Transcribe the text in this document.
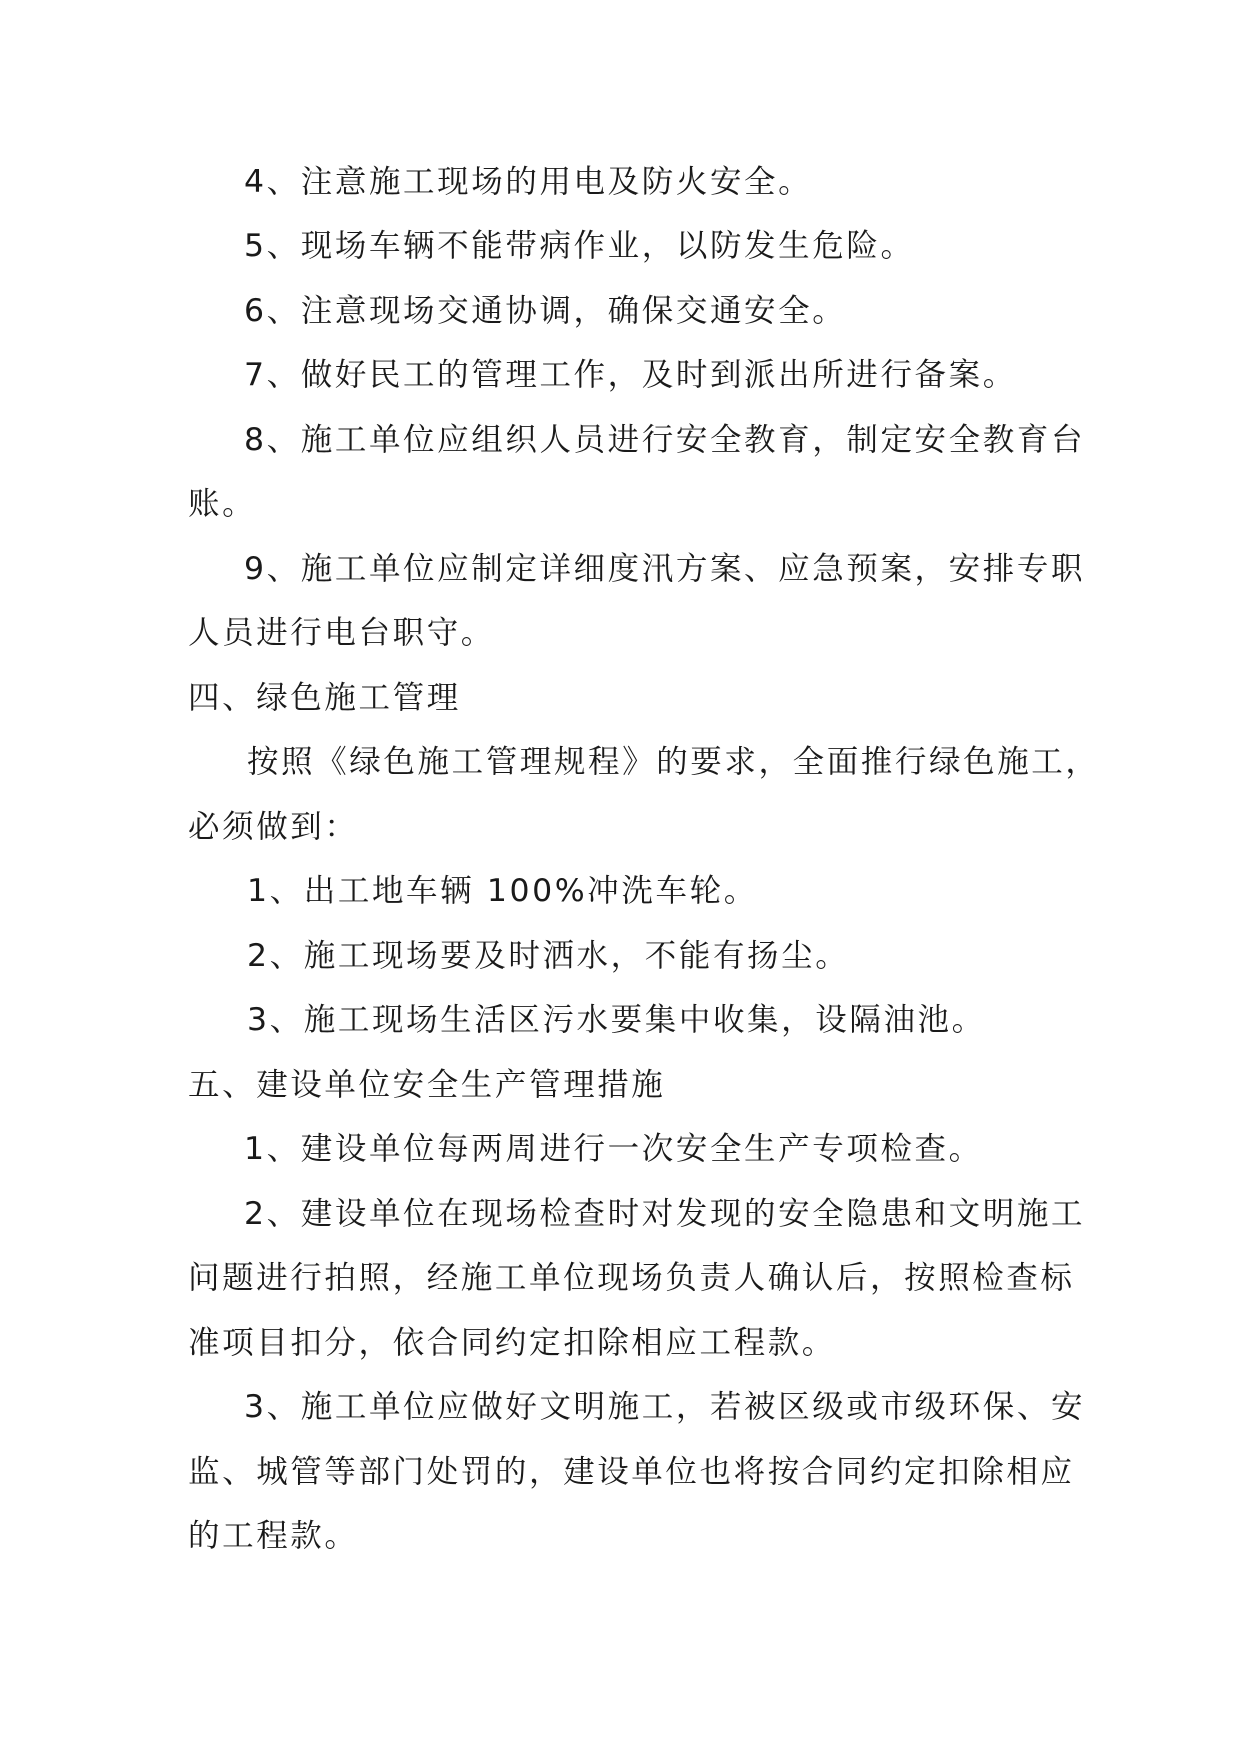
4、注意施工现场的用电及防火安全。
5、现场车辆不能带病作业，以防发生危险。
6、注意现场交通协调，确保交通安全。
7、做好民工的管理工作，及时到派出所进行备案。
8、施工单位应组织人员进行安全教育，制定安全教育台
账。
9、施工单位应制定详细度汛方案、应急预案，安排专职
人员进行电台职守。
四、绿色施工管理
按照《绿色施工管理规程》的要求，全面推行绿色施工，
必须做到：
1、出工地车辆 100%冲洗车轮。
2、施工现场要及时洒水，不能有扬尘。
3、施工现场生活区污水要集中收集，设隔油池。
五、建设单位安全生产管理措施
1、建设单位每两周进行一次安全生产专项检查。
2、建设单位在现场检查时对发现的安全隐患和文明施工
问题进行拍照，经施工单位现场负责人确认后，按照检查标
准项目扣分，依合同约定扣除相应工程款。
3、施工单位应做好文明施工，若被区级或市级环保、安
监、城管等部门处罚的，建设单位也将按合同约定扣除相应
的工程款。
